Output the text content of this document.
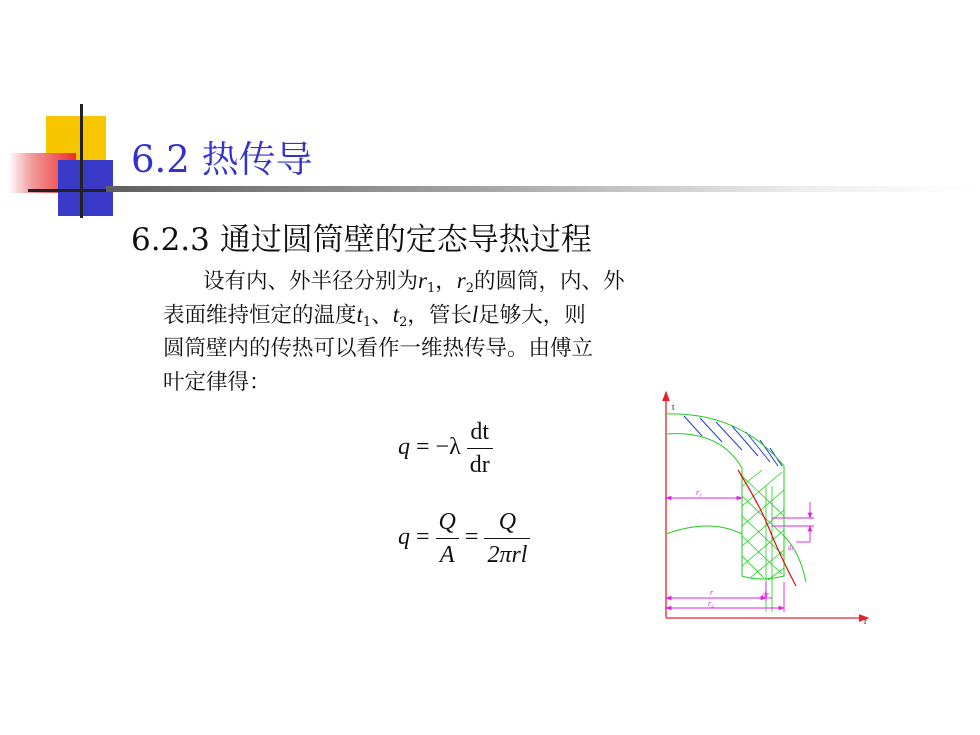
6.2 热传导
6.2.3 通过圆筒壁的定态导热过程
设有内、外半径分别为$r_1$，$r_2$的圆筒，内、外
表面维持恒定的温度$t_1$、$t_2$，管长l足够大，则
圆筒壁内的传热可以看作一维热传导。由傅立
叶定律得：
$q = -\lambda \frac{dt}{dr}$
$q = \frac{Q}{A} = \frac{Q}{\text{2πrl}}$
t
r
r₁
r
r₂
dr
dₜ
